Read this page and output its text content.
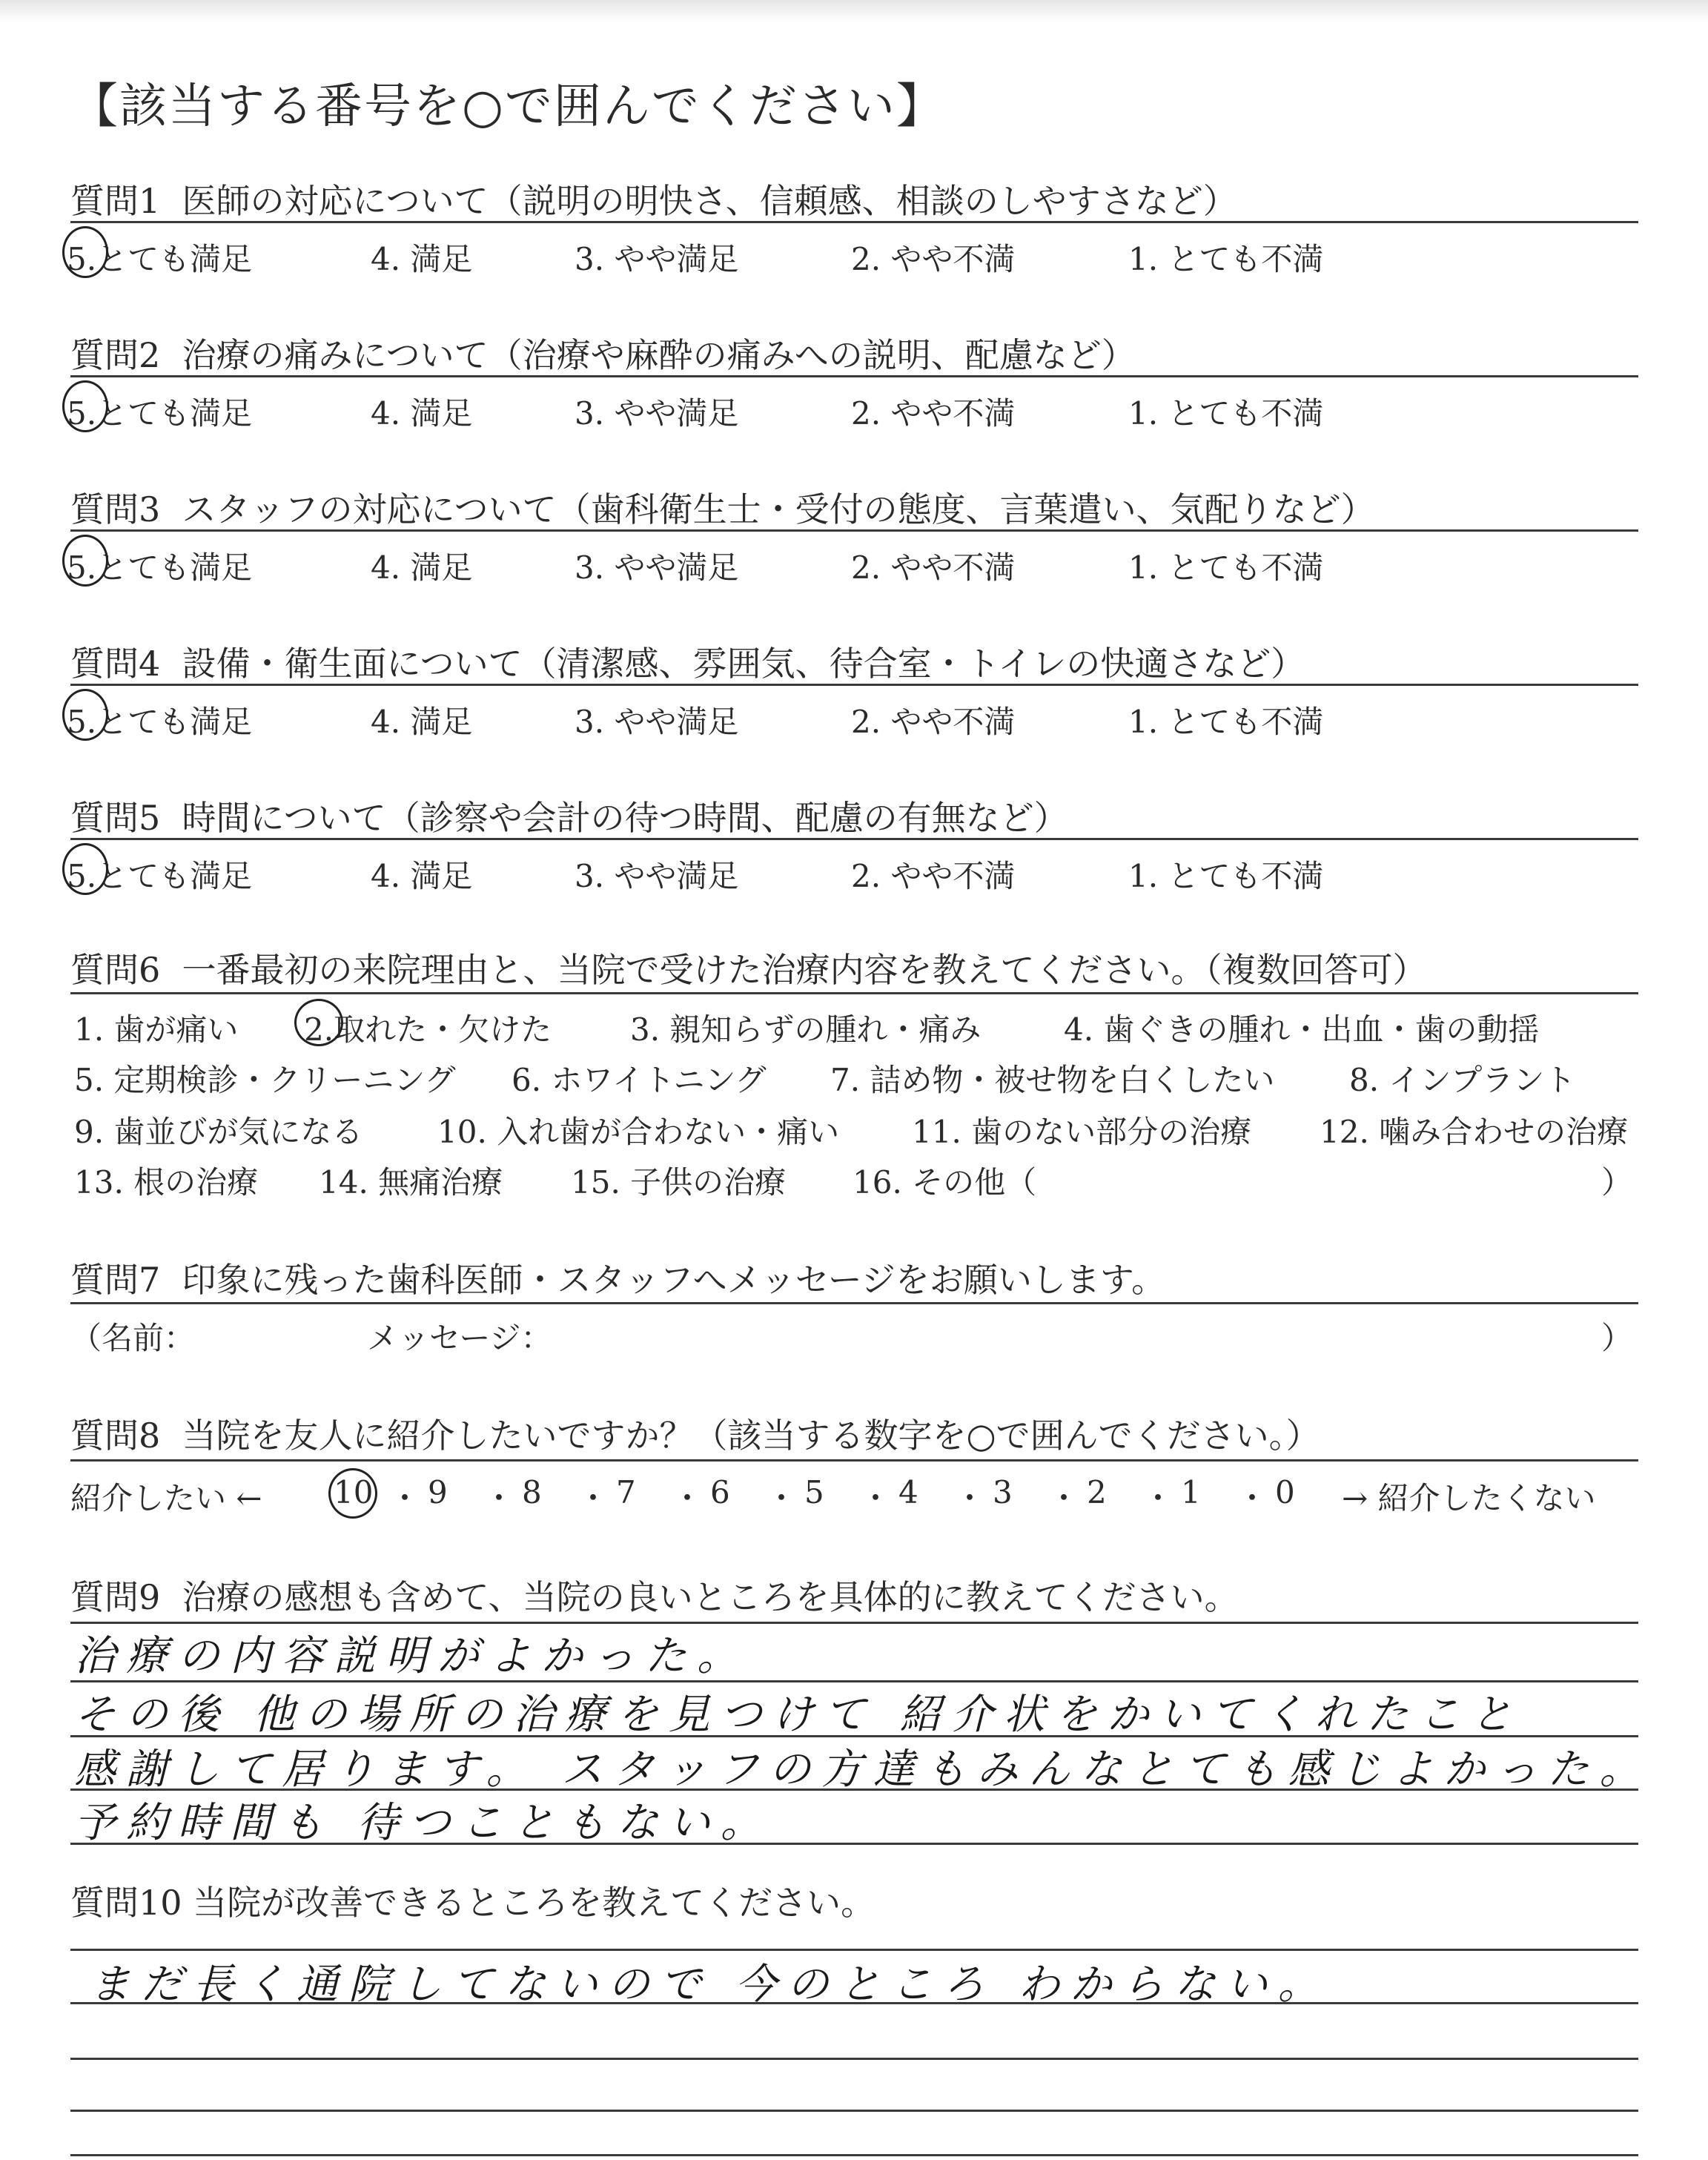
【該当する番号を○で囲んでください】
質問1 医師の対応について（説明の明快さ、信頼感、相談のしやすさなど）
5.とても満足	4. 満足	3. やや満足	2. やや不満	1. とても不満
質問2 治療の痛みについて（治療や麻酔の痛みへの説明、配慮など）
5.とても満足	4. 満足	3. やや満足	2. やや不満	1. とても不満
質問3 スタッフの対応について（歯科衛生士・受付の態度、言葉遣い、気配りなど）
5.とても満足	4. 満足	3. やや満足	2. やや不満	1. とても不満
質問4 設備・衛生面について（清潔感、雰囲気、待合室・トイレの快適さなど）
5.とても満足	4. 満足	3. やや満足	2. やや不満	1. とても不満
質問5 時間について（診察や会計の待つ時間、配慮の有無など）
5.とても満足	4. 満足	3. やや満足	2. やや不満	1. とても不満
質問6 一番最初の来院理由と、当院で受けた治療内容を教えてください。（複数回答可）
1. 歯が痛い 2.取れた・欠けた	3. 親知らずの腫れ・痛み	4. 歯ぐきの腫れ・出血・歯の動揺
5. 定期検診・クリーニング 6. ホワイトニング 7. 詰め物・被せ物を白くしたい 8. インプラント
9. 歯並びが気になる 10. 入れ歯が合わない・痛い 11. 歯のない部分の治療 12. 噛み合わせの治療
13. 根の治療 14. 無痛治療 15. 子供の治療 16. その他（	）
質問7 印象に残った歯科医師・スタッフへメッセージをお願いします。
（名前：	メッセージ：	）
質問8 当院を友人に紹介したいですか？（該当する数字を○で囲んでください。）
紹介したい ← 10 ・ 9 ・ 8 ・ 7 ・ 6 ・ 5 ・ 4 ・ 3 ・ 2 ・ 1 ・ 0 → 紹介したくない
質問9 治療の感想も含めて、当院の良いところを具体的に教えてください。
治療の内容説明がよかった。
その後 他の場所の治療を見つけて 紹介状をかいてくれたこと
感謝して居ります。 スタッフの方達もみんなとても感じよかった。
予約時間も 待つこともない。
質問10 当院が改善できるところを教えてください。
まだ長く通院してないので 今のところ わからない。
